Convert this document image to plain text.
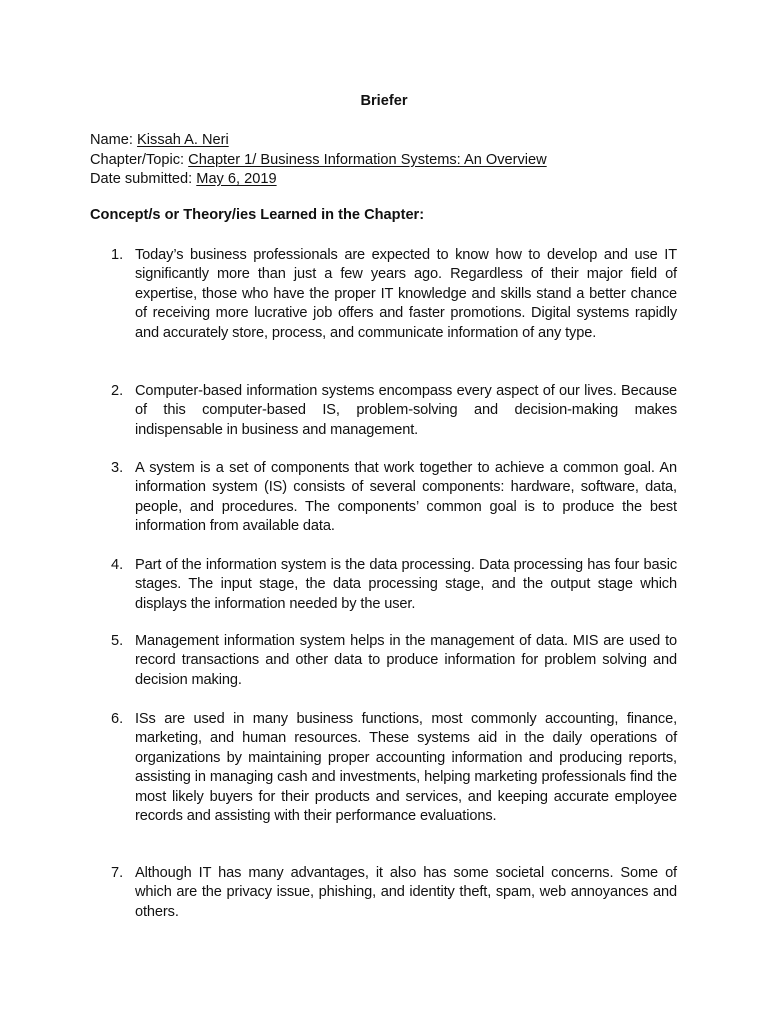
Briefer
Name: Kissah A. Neri
Chapter/Topic: Chapter 1/ Business Information Systems: An Overview
Date submitted: May 6, 2019
Concept/s or Theory/ies Learned in the Chapter:
1. Today’s business professionals are expected to know how to develop and use IT significantly more than just a few years ago. Regardless of their major field of expertise, those who have the proper IT knowledge and skills stand a better chance of receiving more lucrative job offers and faster promotions. Digital systems rapidly and accurately store, process, and communicate information of any type.
2. Computer-based information systems encompass every aspect of our lives. Because of this computer-based IS, problem-solving and decision-making makes indispensable in business and management.
3. A system is a set of components that work together to achieve a common goal. An information system (IS) consists of several components: hardware, software, data, people, and procedures. The components’ common goal is to produce the best information from available data.
4. Part of the information system is the data processing. Data processing has four basic stages. The input stage, the data processing stage, and the output stage which displays the information needed by the user.
5. Management information system helps in the management of data. MIS are used to record transactions and other data to produce information for problem solving and decision making.
6. ISs are used in many business functions, most commonly accounting, finance, marketing, and human resources. These systems aid in the daily operations of organizations by maintaining proper accounting information and producing reports, assisting in managing cash and investments, helping marketing professionals find the most likely buyers for their products and services, and keeping accurate employee records and assisting with their performance evaluations.
7. Although IT has many advantages, it also has some societal concerns. Some of which are the privacy issue, phishing, and identity theft, spam, web annoyances and others.
